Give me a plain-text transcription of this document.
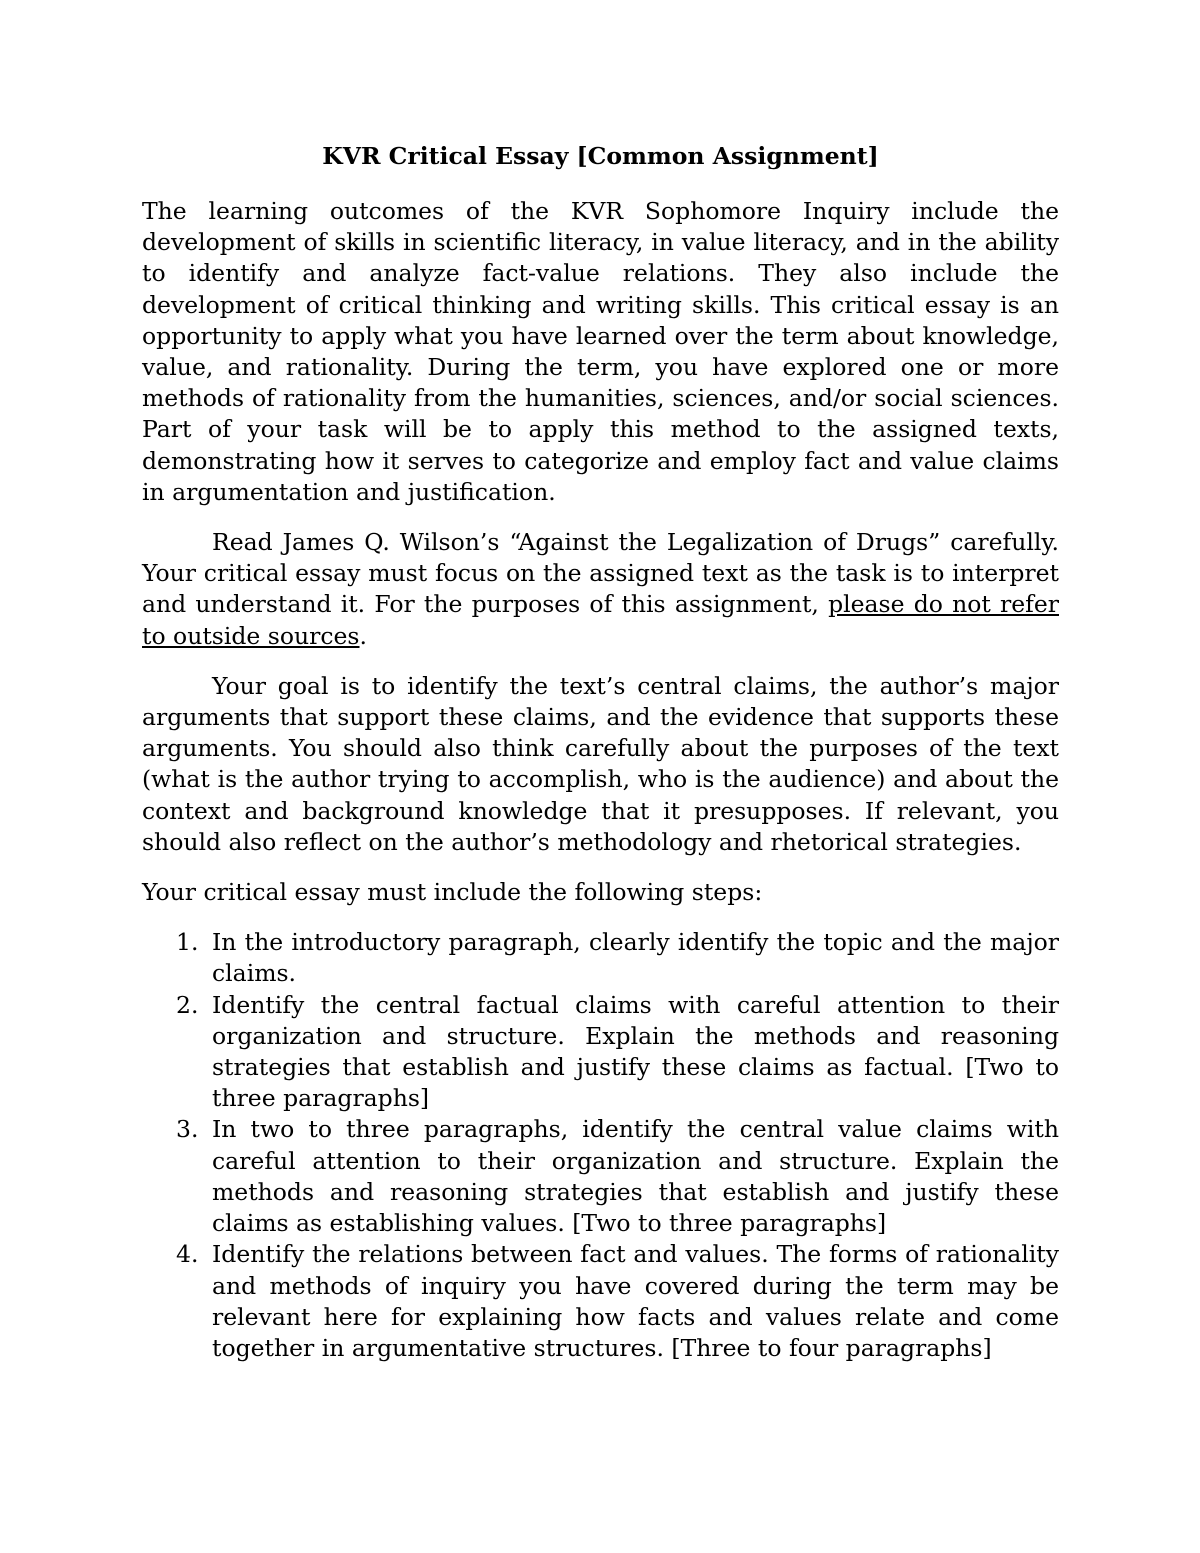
KVR Critical Essay [Common Assignment]

The learning outcomes of the KVR Sophomore Inquiry include the development of skills in scientific literacy, in value literacy, and in the ability to identify and analyze fact-value relations. They also include the development of critical thinking and writing skills. This critical essay is an opportunity to apply what you have learned over the term about knowledge, value, and rationality. During the term, you have explored one or more methods of rationality from the humanities, sciences, and/or social sciences. Part of your task will be to apply this method to the assigned texts, demonstrating how it serves to categorize and employ fact and value claims in argumentation and justification.

Read James Q. Wilson’s “Against the Legalization of Drugs” carefully. Your critical essay must focus on the assigned text as the task is to interpret and understand it. For the purposes of this assignment, please do not refer to outside sources.

Your goal is to identify the text’s central claims, the author’s major arguments that support these claims, and the evidence that supports these arguments. You should also think carefully about the purposes of the text (what is the author trying to accomplish, who is the audience) and about the context and background knowledge that it presupposes. If relevant, you should also reflect on the author’s methodology and rhetorical strategies.

Your critical essay must include the following steps:

1. In the introductory paragraph, clearly identify the topic and the major claims.
2. Identify the central factual claims with careful attention to their organization and structure. Explain the methods and reasoning strategies that establish and justify these claims as factual. [Two to three paragraphs]
3. In two to three paragraphs, identify the central value claims with careful attention to their organization and structure. Explain the methods and reasoning strategies that establish and justify these claims as establishing values. [Two to three paragraphs]
4. Identify the relations between fact and values. The forms of rationality and methods of inquiry you have covered during the term may be relevant here for explaining how facts and values relate and come together in argumentative structures. [Three to four paragraphs]
